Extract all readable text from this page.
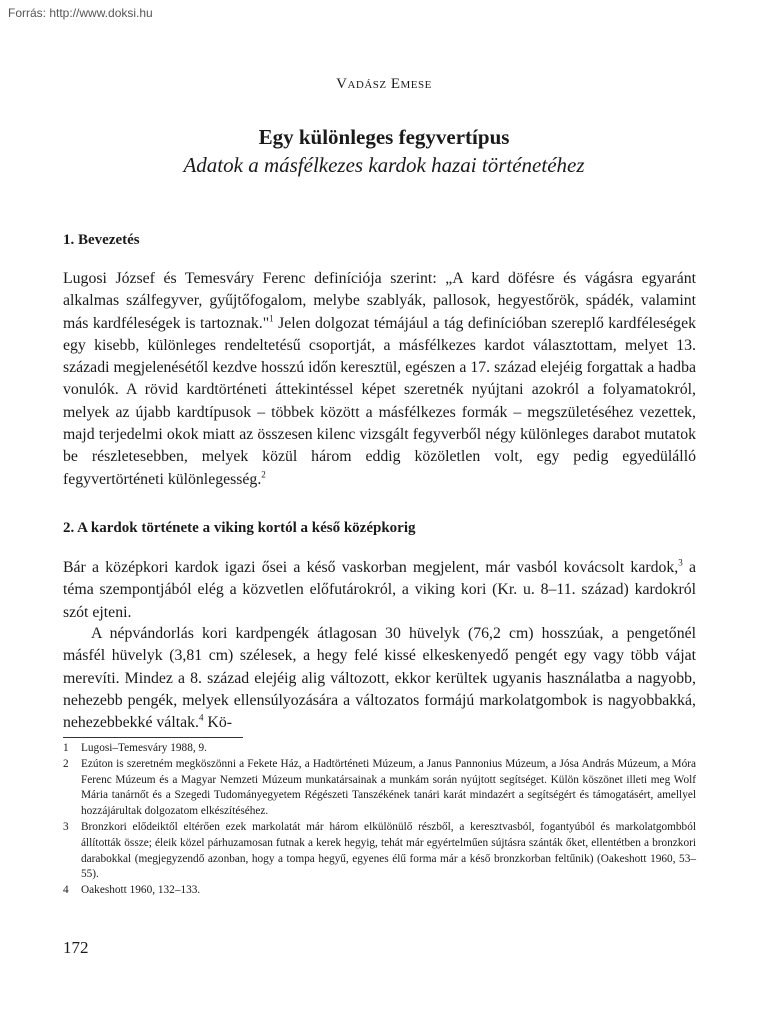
Forrás: http://www.doksi.hu
Vadász Emese
Egy különleges fegyvertípus
Adatok a másfélkezes kardok hazai történetéhez
1. Bevezetés

Lugosi József és Temesváry Ferenc definíciója szerint: „A kard döfésre és vágásra egyaránt alkalmas szálfegyver, gyűjtőfogalom, melybe szablyák, pallosok, hegyestőrök, spádék, valamint más kardféleségek is tartoznak."$^1$ Jelen dolgozat témájául a tág definícióban szereplő kardféleségek egy kisebb, különleges rendeltetésű csoportját, a másfélkezes kardot választottam, melyet 13. századi megjelenésétől kezdve hosszú időn keresztül, egészen a 17. század elejéig forgattak a hadba vonulók. A rövid kardtörténeti áttekintéssel képet szeretnék nyújtani azokról a folyamatokról, melyek az újabb kardtípusok – többek között a másfélkezes formák – megszületéséhez vezettek, majd terjedelmi okok miatt az összesen kilenc vizsgált fegyverből négy különleges darabot mutatok be részletesebben, melyek közül három eddig közöletlen volt, egy pedig egyedülálló fegyvertörténeti különlegesség.$^2$

2. A kardok története a viking kortól a késő középkorig

Bár a középkori kardok igazi ősei a késő vaskorban megjelent, már vasból kovácsolt kardok,$^3$ a téma szempontjából elég a közvetlen előfutárokról, a viking kori (Kr. u. 8–11. század) kardokról szót ejteni.

A népvándorlás kori kardpengék átlagosan 30 hüvelyk (76,2 cm) hosszúak, a pengetőnél másfél hüvelyk (3,81 cm) szélesek, a hegy felé kissé elkeskenyedő pengét egy vagy több vájat merevíti. Mindez a 8. század elejéig alig változott, ekkor kerültek ugyanis használatba a nagyobb, nehezebb pengék, melyek ellensúlyozására a változatos formájú markolatgombok is nagyobbakká, nehezebbekké váltak.$^4$ Kö-

1	Lugosi–Temesváry 1988, 9.
2	Ezúton is szeretném megköszönni a Fekete Ház, a Hadtörténeti Múzeum, a Janus Pannonius Múzeum, a Jósa András Múzeum, a Móra Ferenc Múzeum és a Magyar Nemzeti Múzeum munkatársainak a munkám során nyújtott segítséget. Külön köszönet illeti meg Wolf Mária tanárnőt és a Szegedi Tudományegyetem Régészeti Tanszékének tanári karát mindazért a segítségért és támogatásért, amellyel hozzájárultak dolgozatom elkészítéséhez.
3	Bronzkori elődeiktől eltérően ezek markolatát már három elkülönülő részből, a keresztvasból, fogantyúból és markolatgombból állították össze; éleik közel párhuzamosan futnak a kerek hegyig, tehát már egyértelműen sújtásra szánták őket, ellentétben a bronzkori darabokkal (megjegyzendő azonban, hogy a tompa hegyű, egyenes élű forma már a késő bronzkorban feltűnik) (Oakeshott 1960, 53–55).
4	Oakeshott 1960, 132–133.
172
